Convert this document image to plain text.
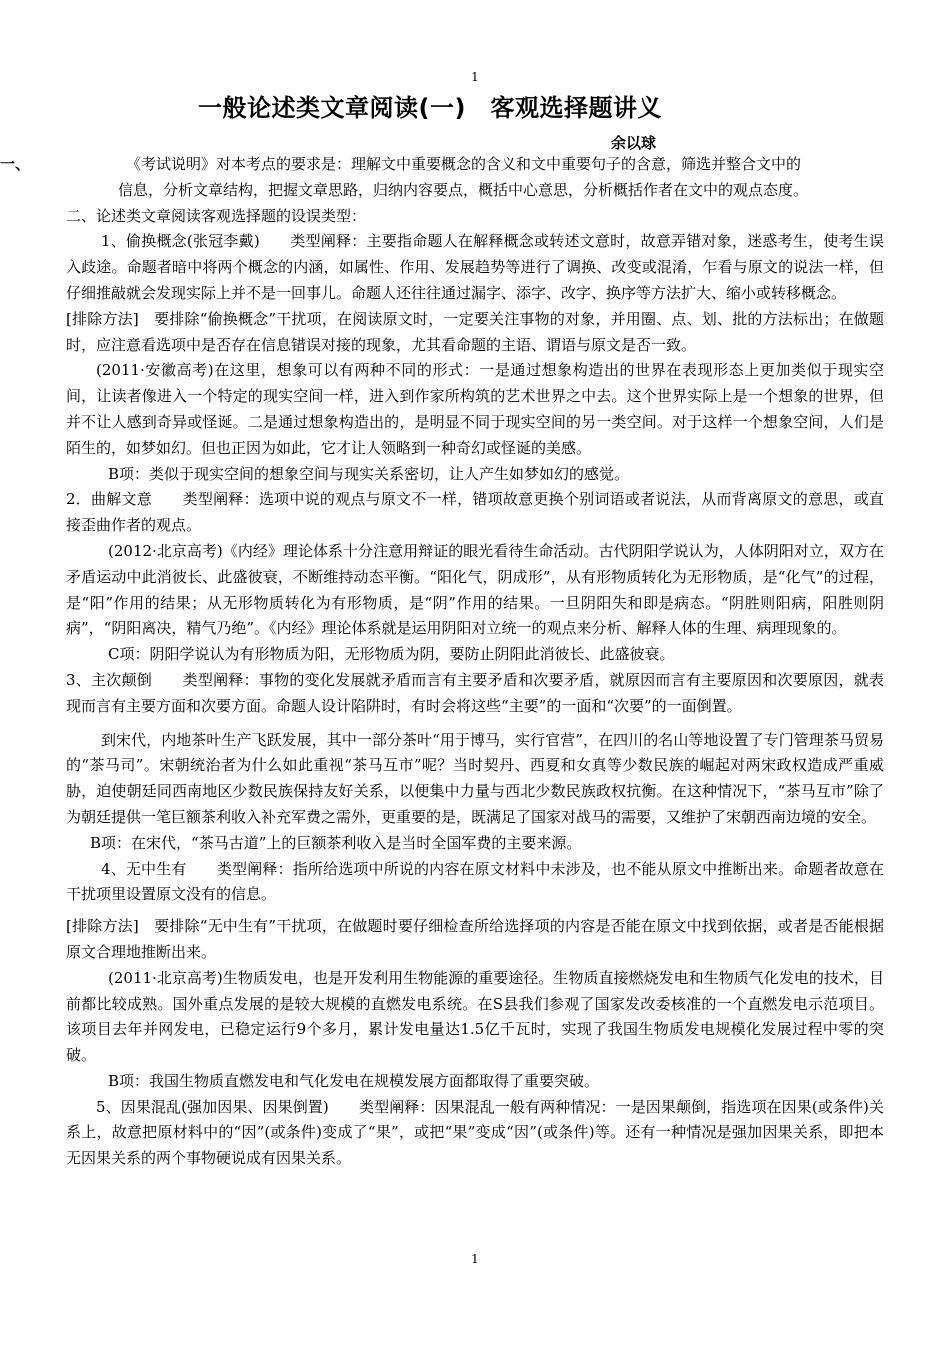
1
一般论述类文章阅读(一)　客观选择题讲义
余以球
一、	《考试说明》对本考点的要求是：理解文中重要概念的含义和文中重要句子的含意，筛选并整合文中的

信息，分析文章结构，把握文章思路，归纳内容要点，概括中心意思，分析概括作者在文中的观点态度。

二、论述类文章阅读客观选择题的设误类型：

1、偷换概念(张冠李戴)　　类型阐释：主要指命题人在解释概念或转述文意时，故意弄错对象，迷惑考生，使考生误入歧途。命题者暗中将两个概念的内涵，如属性、作用、发展趋势等进行了调换、改变或混淆，乍看与原文的说法一样，但仔细推敲就会发现实际上并不是一回事儿。命题人还往往通过漏字、添字、改字、换序等方法扩大、缩小或转移概念。

[排除方法]　要排除“偷换概念”干扰项，在阅读原文时，一定要关注事物的对象，并用圈、点、划、批的方法标出；在做题时，应注意看选项中是否存在信息错误对接的现象，尤其看命题的主语、谓语与原文是否一致。

(2011·安徽高考)在这里，想象可以有两种不同的形式：一是通过想象构造出的世界在表现形态上更加类似于现实空间，让读者像进入一个特定的现实空间一样，进入到作家所构筑的艺术世界之中去。这个世界实际上是一个想象的世界，但并不让人感到奇异或怪诞。二是通过想象构造出的，是明显不同于现实空间的另一类空间。对于这样一个想象空间，人们是陌生的，如梦如幻。但也正因为如此，它才让人领略到一种奇幻或怪诞的美感。

B项：类似于现实空间的想象空间与现实关系密切，让人产生如梦如幻的感觉。

2．曲解文意　　类型阐释：选项中说的观点与原文不一样，错项故意更换个别词语或者说法，从而背离原文的意思，或直接歪曲作者的观点。

(2012·北京高考)《内经》理论体系十分注意用辩证的眼光看待生命活动。古代阴阳学说认为，人体阴阳对立，双方在矛盾运动中此消彼长、此盛彼衰，不断维持动态平衡。“阳化气，阴成形”，从有形物质转化为无形物质，是“化气”的过程，是“阳”作用的结果；从无形物质转化为有形物质，是“阴”作用的结果。一旦阴阳失和即是病态。“阴胜则阳病，阳胜则阴病”，“阴阳离决，精气乃绝”。《内经》理论体系就是运用阴阳对立统一的观点来分析、解释人体的生理、病理现象的。

C项：阴阳学说认为有形物质为阳，无形物质为阴，要防止阴阳此消彼长、此盛彼衰。

3、主次颠倒　　类型阐释：事物的变化发展就矛盾而言有主要矛盾和次要矛盾，就原因而言有主要原因和次要原因，就表现而言有主要方面和次要方面。命题人设计陷阱时，有时会将这些“主要”的一面和“次要”的一面倒置。

到宋代，内地茶叶生产飞跃发展，其中一部分茶叶“用于博马，实行官营”，在四川的名山等地设置了专门管理茶马贸易的“茶马司”。宋朝统治者为什么如此重视“茶马互市”呢？当时契丹、西夏和女真等少数民族的崛起对两宋政权造成严重威胁，迫使朝廷同西南地区少数民族保持友好关系，以便集中力量与西北少数民族政权抗衡。在这种情况下，“茶马互市”除了为朝廷提供一笔巨额茶利收入补充军费之需外，更重要的是，既满足了国家对战马的需要，又维护了宋朝西南边境的安全。

B项：在宋代，“茶马古道”上的巨额茶利收入是当时全国军费的主要来源。

4、无中生有　　类型阐释：指所给选项中所说的内容在原文材料中未涉及，也不能从原文中推断出来。命题者故意在干扰项里设置原文没有的信息。

[排除方法]　要排除“无中生有”干扰项，在做题时要仔细检查所给选择项的内容是否能在原文中找到依据，或者是否能根据原文合理地推断出来。

(2011·北京高考)生物质发电，也是开发利用生物能源的重要途径。生物质直接燃烧发电和生物质气化发电的技术，目前都比较成熟。国外重点发展的是较大规模的直燃发电系统。在S县我们参观了国家发改委核准的一个直燃发电示范项目。该项目去年并网发电，已稳定运行9个多月，累计发电量达1.5亿千瓦时，实现了我国生物质发电规模化发展过程中零的突破。

B项：我国生物质直燃发电和气化发电在规模发展方面都取得了重要突破。

5、因果混乱(强加因果、因果倒置)　　类型阐释：因果混乱一般有两种情况：一是因果颠倒，指选项在因果(或条件)关系上，故意把原材料中的“因”(或条件)变成了“果”，或把“果”变成“因”(或条件)等。还有一种情况是强加因果关系，即把本无因果关系的两个事物硬说成有因果关系。

1
